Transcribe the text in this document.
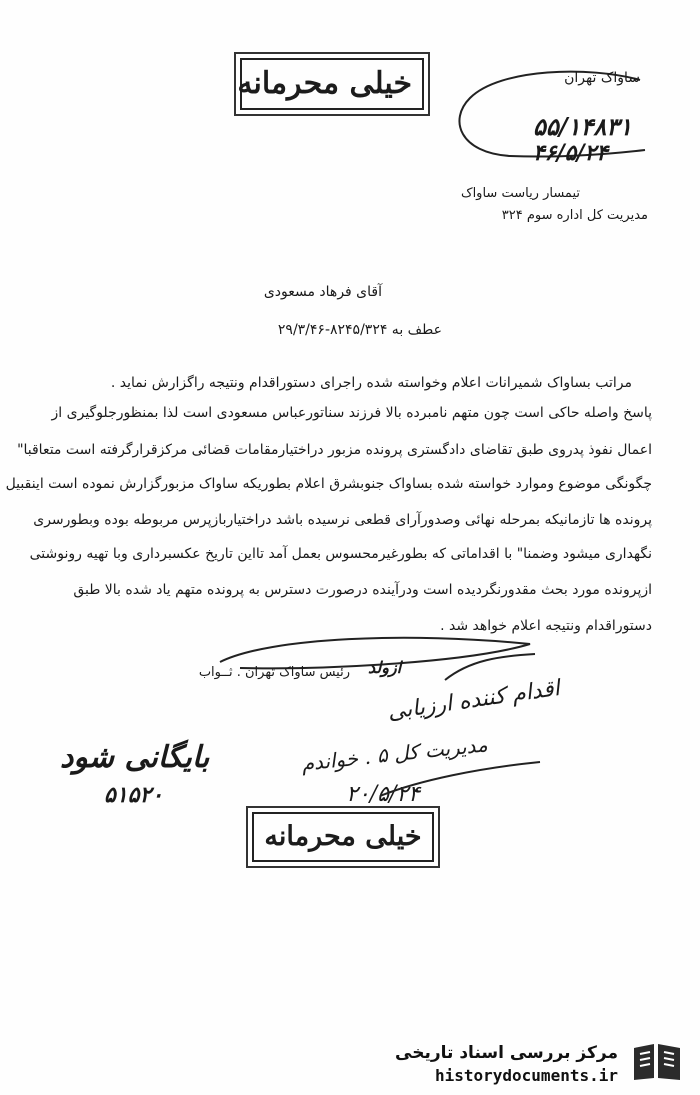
خیلی محرمانه	ساواک تهران
۵۵/۱۴۸۳۱
۴۶/۵/۲۴
تیمسار ریاست ساواک
مدیریت کل اداره سوم ۳۲۴
آقای فرهاد مسعودی
عطف به ۸۲۴۵/۳۲۴-۲۹/۳/۴۶
مراتب بساواک شمیرانات اعلام وخواسته شده راجرای دستوراقدام ونتیجه راگزارش نماید .
پاسخ واصله حاکی است چون متهم نامبرده بالا فرزند سناتورعباس مسعودی است لذا بمنظورجلوگیری از
اعمال نفوذ پدروی طبق تقاضای دادگستری پرونده مزبور دراختیارمقامات قضائی مرکزقرارگرفته است متعاقبا"
چگونگی موضوع وموارد خواسته شده بساواک جنوبشرق اعلام بطوریکه ساواک مزبورگزارش نموده است اینقبیل
پرونده ها تازمانیکه بمرحله نهائی وصدورآرای قطعی نرسیده باشد دراختیاربازپرس مربوطه بوده وبطورسری
نگهداری میشود وضمنا" با اقداماتی که بطورغیرمحسوس بعمل آمد تااین تاریخ عکسبرداری وبا تهیه رونوشتی
ازپرونده مورد بحث مقدورنگردیده است ودرآینده درصورت دسترس به پرونده متهم یاد شده بالا طبق
دستوراقدام ونتیجه اعلام خواهد شد .
ازولد
رئیس ساواک تهران . ثــواب
اقدام کننده ارزیابی
مدیریت کل ۵ . خواندم
۲۰/۵/۲۴
بایگانی شود
۵۱۵۲۰
خیلی محرمانه
مرکز بررسی اسناد تاریخی
historydocuments.ir
